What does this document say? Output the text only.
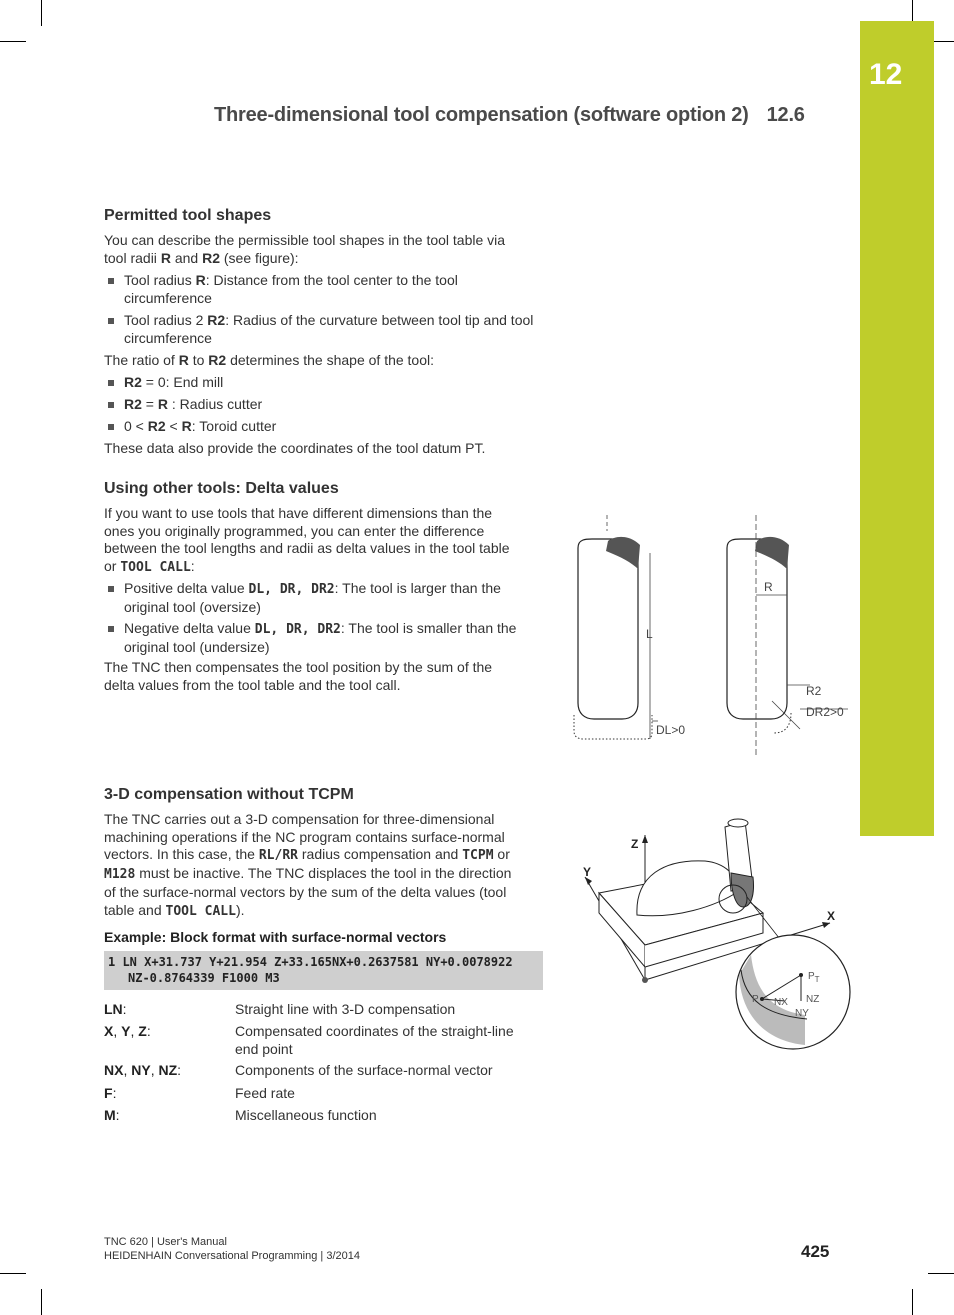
12
Three-dimensional tool compensation (software option 2) 12.6
Permitted tool shapes

You can describe the permissible tool shapes in the tool table via
tool radii R and R2 (see figure):

Tool radius R: Distance from the tool center to the tool circumference
Tool radius 2 R2: Radius of the curvature between tool tip and tool circumference

The ratio of R to R2 determines the shape of the tool:

R2 = 0: End mill
R2 = R : Radius cutter
0 < R2 < R: Toroid cutter

These data also provide the coordinates of the tool datum PT.

Using other tools: Delta values

If you want to use tools that have different dimensions than the
ones you originally programmed, you can enter the difference
between the tool lengths and radii as delta values in the tool table
or TOOL CALL:

Positive delta value DL, DR, DR2: The tool is larger than the
original tool (oversize)
Negative delta value DL, DR, DR2: The tool is smaller than the
original tool (undersize)

The TNC then compensates the tool position by the sum of the
delta values from the tool table and the tool call.

L
DL>0
R
R2
DR2>0
3-D compensation without TCPM

The TNC carries out a 3-D compensation for three-dimensional
machining operations if the NC program contains surface-normal
vectors. In this case, the RL/RR radius compensation and TCPM or
M128 must be inactive. The TNC displaces the tool in the direction
of the surface-normal vectors by the sum of the delta values (tool
table and TOOL CALL).

Example: Block format with surface-normal vectors
1 LN X+31.737 Y+21.954 Z+33.165NX+0.2637581 NY+0.0078922
NZ-0.8764339 F1000 M3
LN:	Straight line with 3-D compensation
X, Y, Z:	Compensated coordinates of the straight-line end point
NX, NY, NZ:	Components of the surface-normal vector
F:	Feed rate
M:	Miscellaneous function
Z
Y
X
P
$P_T$
NX NZ
NY
TNC 620 | User's Manual
HEIDENHAIN Conversational Programming | 3/2014	425
